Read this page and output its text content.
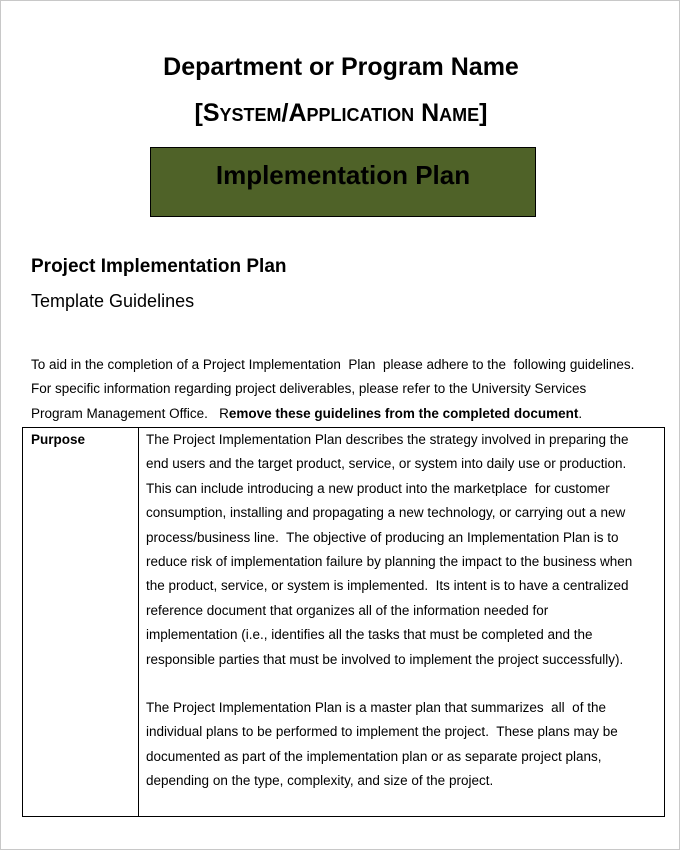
Department or Program Name
[System/Application Name]
Implementation Plan
Project Implementation Plan
Template Guidelines
To aid in the completion of a Project Implementation  Plan  please adhere to the  following guidelines.
For specific information regarding project deliverables, please refer to the University Services
Program Management Office.   Remove these guidelines from the completed document.
Purpose	The Project Implementation Plan describes the strategy involved in preparing the
end users and the target product, service, or system into daily use or production.
This can include introducing a new product into the marketplace  for customer
consumption, installing and propagating a new technology, or carrying out a new
process/business line.  The objective of producing an Implementation Plan is to
reduce risk of implementation failure by planning the impact to the business when
the product, service, or system is implemented.  Its intent is to have a centralized
reference document that organizes all of the information needed for
implementation (i.e., identifies all the tasks that must be completed and the
responsible parties that must be involved to implement the project successfully).
The Project Implementation Plan is a master plan that summarizes  all  of the
individual plans to be performed to implement the project.  These plans may be
documented as part of the implementation plan or as separate project plans,
depending on the type, complexity, and size of the project.
